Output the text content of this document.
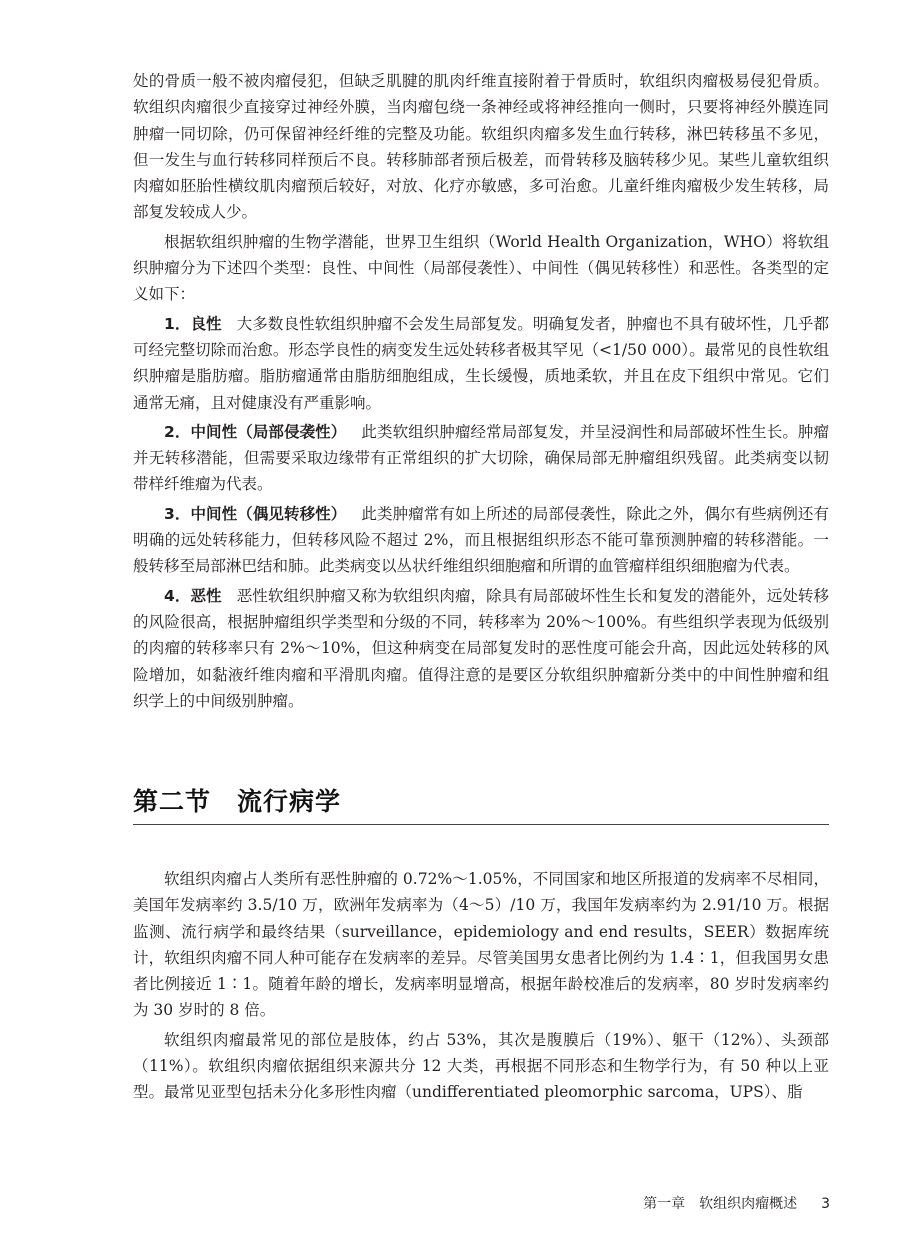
处的骨质一般不被肉瘤侵犯，但缺乏肌腱的肌肉纤维直接附着于骨质时，软组织肉瘤极易侵犯骨质。软组织肉瘤很少直接穿过神经外膜，当肉瘤包绕一条神经或将神经推向一侧时，只要将神经外膜连同肿瘤一同切除，仍可保留神经纤维的完整及功能。软组织肉瘤多发生血行转移，淋巴转移虽不多见，但一发生与血行转移同样预后不良。转移肺部者预后极差，而骨转移及脑转移少见。某些儿童软组织肉瘤如胚胎性横纹肌肉瘤预后较好，对放、化疗亦敏感，多可治愈。儿童纤维肉瘤极少发生转移，局部复发较成人少。

根据软组织肿瘤的生物学潜能，世界卫生组织（World Health Organization，WHO）将软组织肿瘤分为下述四个类型：良性、中间性（局部侵袭性）、中间性（偶见转移性）和恶性。各类型的定义如下：

1．良性 大多数良性软组织肿瘤不会发生局部复发。明确复发者，肿瘤也不具有破坏性，几乎都可经完整切除而治愈。形态学良性的病变发生远处转移者极其罕见（<1/50 000）。最常见的良性软组织肿瘤是脂肪瘤。脂肪瘤通常由脂肪细胞组成，生长缓慢，质地柔软，并且在皮下组织中常见。它们通常无痛，且对健康没有严重影响。

2．中间性（局部侵袭性） 此类软组织肿瘤经常局部复发，并呈浸润性和局部破坏性生长。肿瘤并无转移潜能，但需要采取边缘带有正常组织的扩大切除，确保局部无肿瘤组织残留。此类病变以韧带样纤维瘤为代表。

3．中间性（偶见转移性） 此类肿瘤常有如上所述的局部侵袭性，除此之外，偶尔有些病例还有明确的远处转移能力，但转移风险不超过 2%，而且根据组织形态不能可靠预测肿瘤的转移潜能。一般转移至局部淋巴结和肺。此类病变以丛状纤维组织细胞瘤和所谓的血管瘤样组织细胞瘤为代表。

4．恶性 恶性软组织肿瘤又称为软组织肉瘤，除具有局部破坏性生长和复发的潜能外，远处转移的风险很高，根据肿瘤组织学类型和分级的不同，转移率为 20%～100%。有些组织学表现为低级别的肉瘤的转移率只有 2%～10%，但这种病变在局部复发时的恶性度可能会升高，因此远处转移的风险增加，如黏液纤维肉瘤和平滑肌肉瘤。值得注意的是要区分软组织肿瘤新分类中的中间性肿瘤和组织学上的中间级别肿瘤。

第二节 流行病学

软组织肉瘤占人类所有恶性肿瘤的 0.72%～1.05%，不同国家和地区所报道的发病率不尽相同，美国年发病率约 3.5/10 万，欧洲年发病率为（4～5）/10 万，我国年发病率约为 2.91/10 万。根据监测、流行病学和最终结果（surveillance，epidemiology and end results，SEER）数据库统计，软组织肉瘤不同人种可能存在发病率的差异。尽管美国男女患者比例约为 1.4∶1，但我国男女患者比例接近 1∶1。随着年龄的增长，发病率明显增高，根据年龄校准后的发病率，80 岁时发病率约为 30 岁时的 8 倍。

软组织肉瘤最常见的部位是肢体，约占 53%，其次是腹膜后（19%）、躯干（12%）、头颈部（11%）。软组织肉瘤依据组织来源共分 12 大类，再根据不同形态和生物学行为，有 50 种以上亚型。最常见亚型包括未分化多形性肉瘤（undifferentiated pleomorphic sarcoma，UPS）、脂

第一章　软组织肉瘤概述 3
